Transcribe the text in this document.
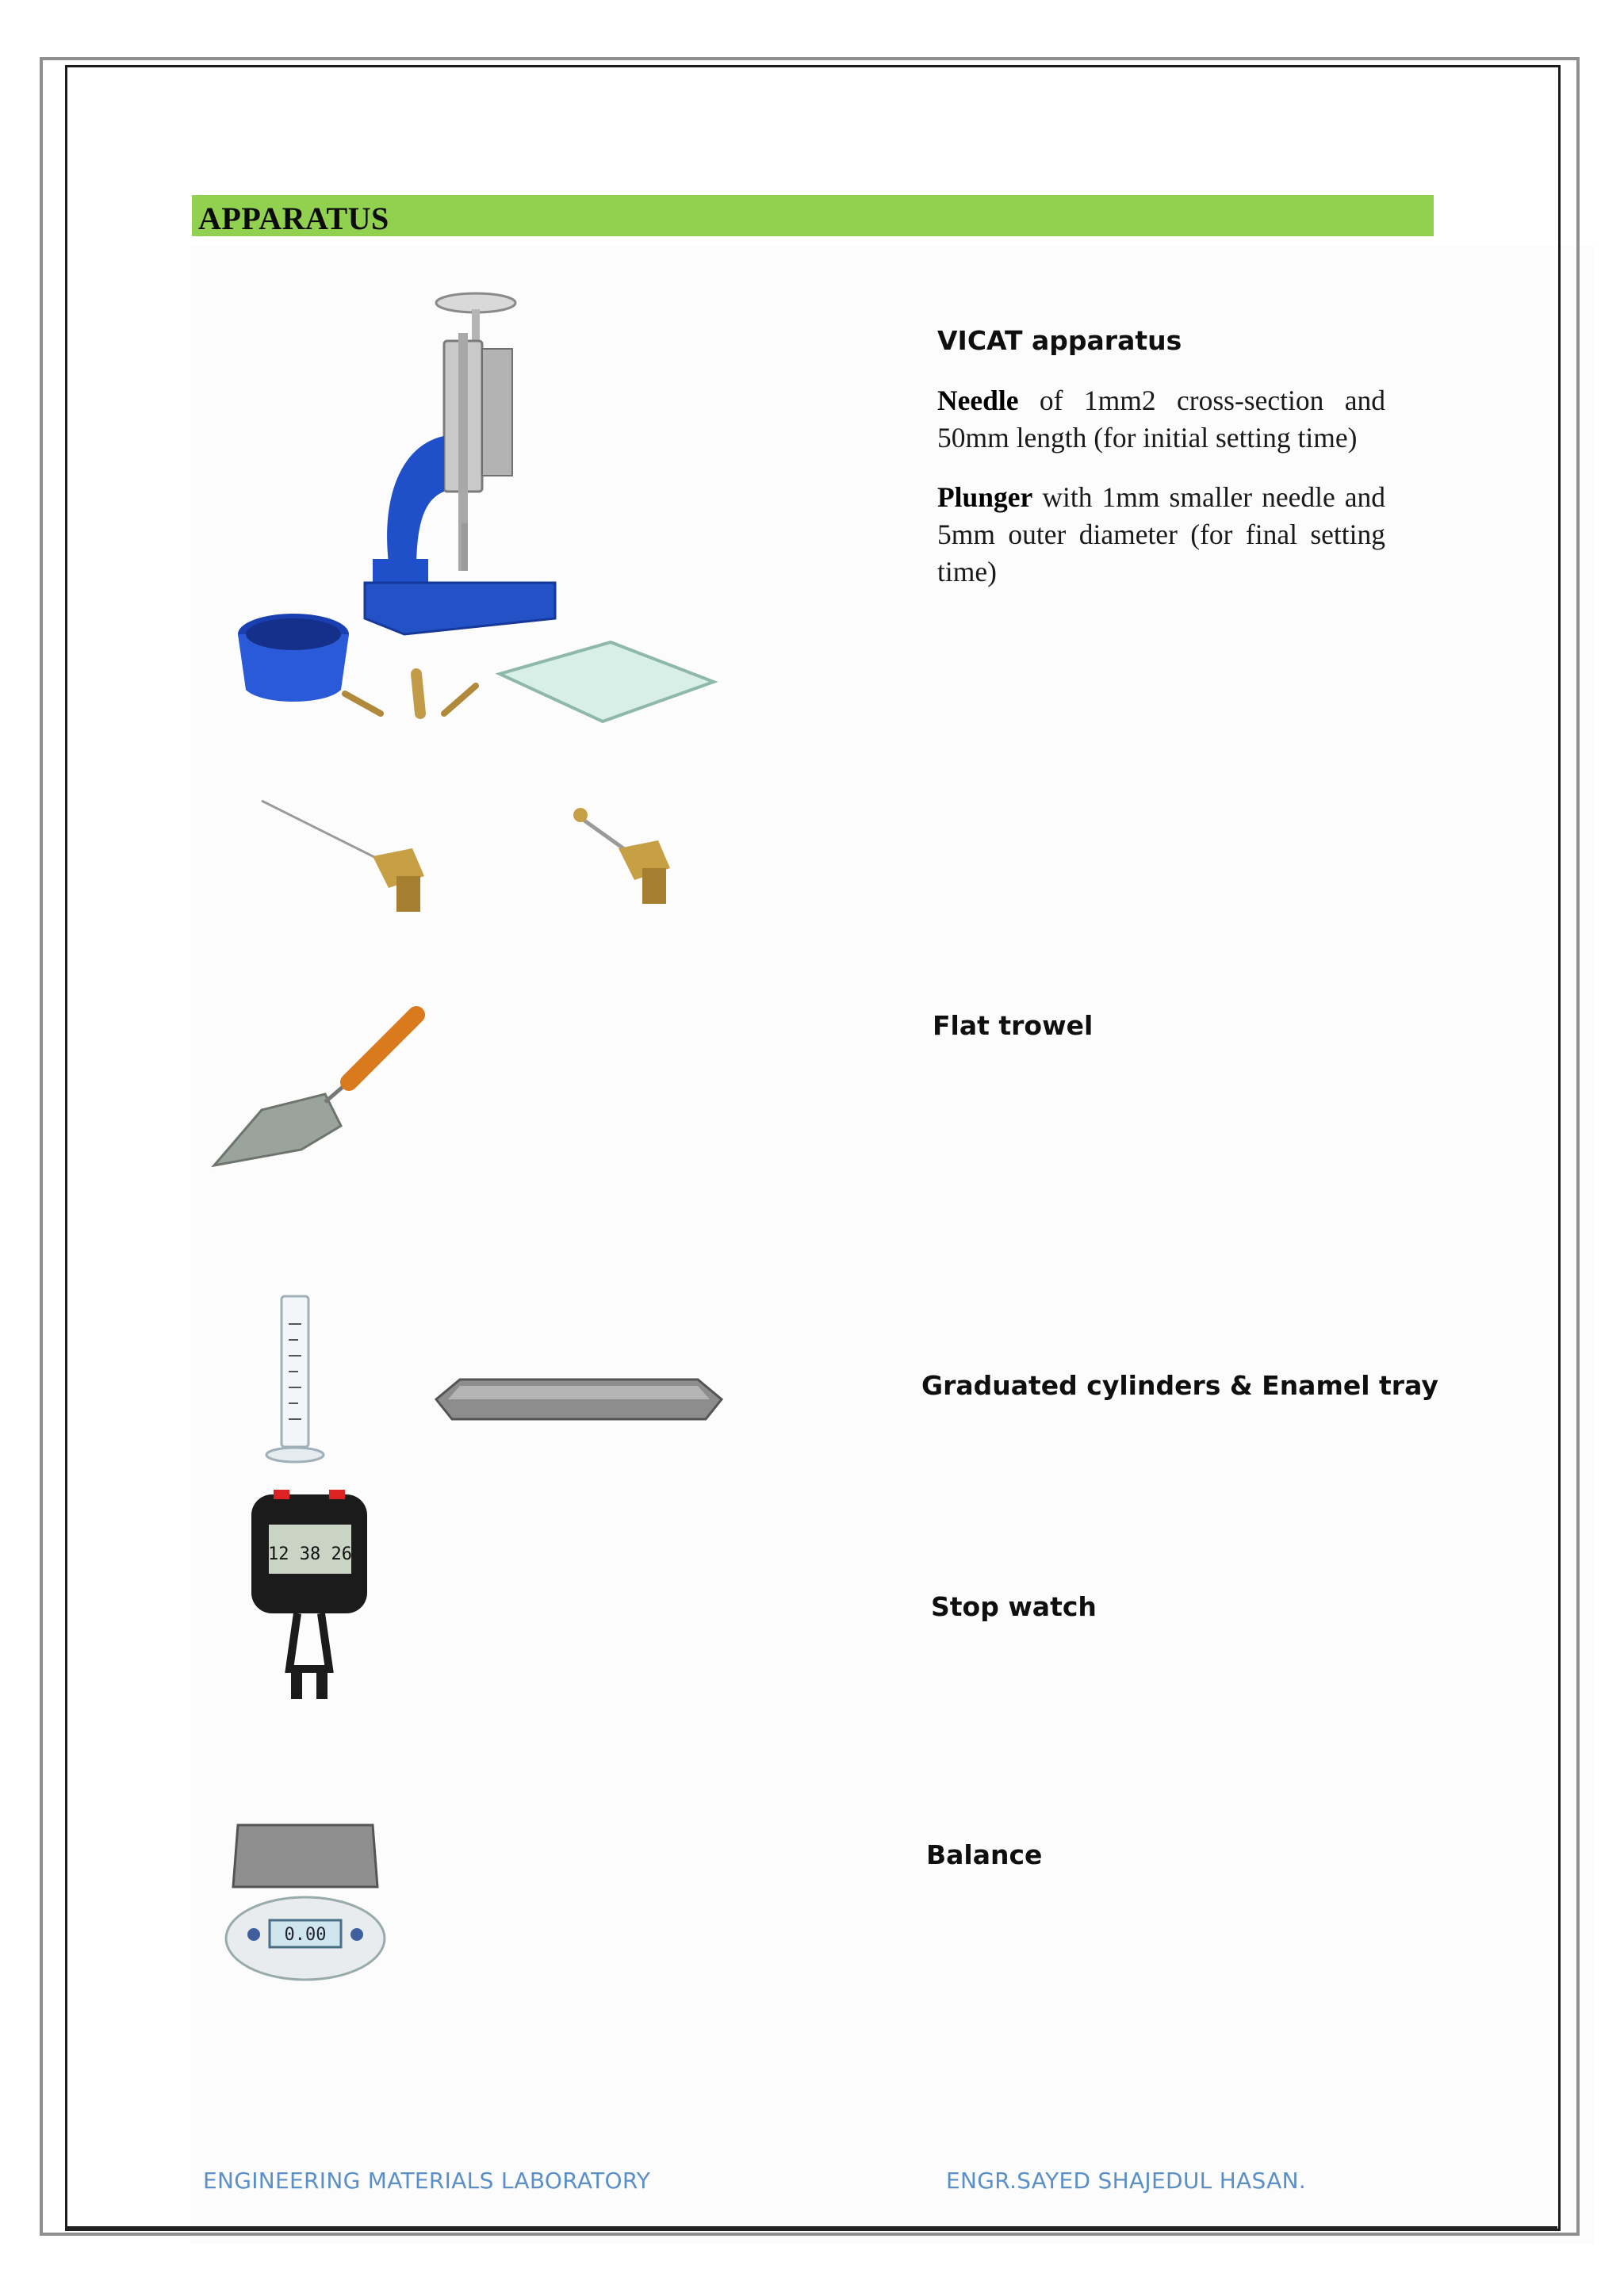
APPARATUS
12 38 26
0.00
VICAT apparatus
Needle of 1mm2 cross-section and 50mm length (for initial setting time)
Plunger with 1mm smaller needle and 5mm outer diameter (for final setting time)
Flat trowel
Graduated cylinders & Enamel tray
Stop watch
Balance
ENGINEERING MATERIALS LABORATORY	ENGR.SAYED SHAJEDUL HASAN.
